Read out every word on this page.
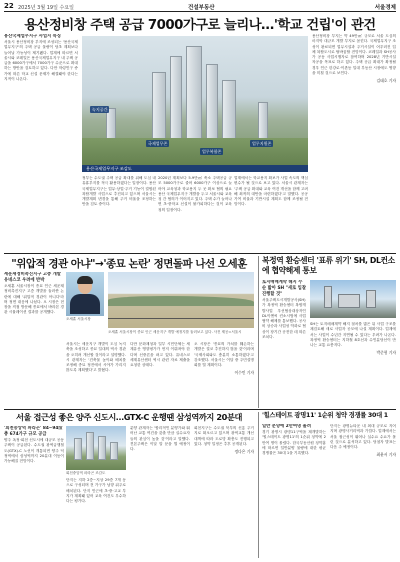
22 2025년 3월 19일 수요일	건설부동산	서울경제
용산정비창 주택 공급 7000가구로 늘리나…'학교 건립'이 관건
용산국제업무지구 사업지 특징
서울시 용산정비창 부지에 조성되는 '용산국제업무지구'의 주택 공급 물량이 당초 계획보다 늘어날 가능성이 제기됐다. 업계에 따르면 서울시와 코레일은 용산국제업무지구 내 주택 공급을 6000가구에서 7000가구 수준으로 확대하는 방안을 검토하고 있다. 다만 학령인구 증가에 따른 학교 신설 문제가 해결돼야 한다는 지적이 나온다.
녹지공간
국제업무존
업무복합존
업무지원존
용산국제업무지구 조감도
정부는 수도권 주택 공급 확대를 위해 도심 내 유휴부지를 적극 활용하겠다는 입장이다. 용산국제업무지구는 업무·상업·주거 기능이 결합된 복합개발 사업으로 추진되고 있으며 서울시는 개발계획 변경을 통해 주거 비율을 조정하는 안을 검토 중이다.
2020년 계획보다 5.9만㎡ 축소 주택공급 규모 5000가구로 줄어 6000가구 이상으로 늘어야 교육청과 학교용지 두 곳 확보 협의 필요 용산 국제업무지구 개발을 두고 서울시와 교육청 간 협의가 이어지고 있다. 주택 수가 늘어나면 초·중학교 신설이 불가피하다는 것이 교육청의 입장이다.
업계에서는 학교용지 확보가 사업 속도의 핵심 변수가 될 것으로 보고 있다. 서울시 관계자는 '주택 공급 확대와 교육 여건 개선을 함께 고려해 최적의 대안을 마련하겠다'고 말했다. 공공기여 비율과 기반시설 계획도 함께 조정될 전망이다.
용산정비창 부지는 약 49만㎡ 규모로 서울 도심의 마지막 대규모 개발 부지로 꼽힌다. 국제업무지구 조성이 완료되면 업무시설과 주거시설이 어우러진 입체 복합도시로 탈바꿈할 전망이다. 코레일과 SH공사가 공동 사업시행자로 참여하며 2028년 기반시설 착공을 목표로 하고 있다. 주택 공급 확대가 확정될 경우 인근 한강로·이촌동 일대 부동산 시장에도 영향을 미칠 것으로 보인다.
김태호 기자
"위압적 경관 아냐"→'종묘 논란' 정면돌파 나선 오세훈
세운재정비촉진지구 고층 개발 유네스코 우려에 반박
오세훈 서울시장이 종묘 인근 세운재정비촉진지구 고층 개발을 둘러싼 논란에 대해 '위압적 경관이 아니다'라며 정면 대응에 나섰다. 오 시장은 현장을 직접 방문해 종묘에서 바라본 경관 시뮬레이션 결과를 공개했다.
오세훈 서울시장
오세훈 서울시장이 종묘 인근 세운지구 개발 예정지를 둘러보고 있다. 사진 제공=서울시
서울시는 세운지구 개발이 도심 녹지축을 조성하고 종묘 일대의 역사 경관을 오히려 개선할 것이라고 설명했다. 시 관계자는 '건축물 높이와 배치를 조정해 종묘 정전에서 시야가 가리지 않도록 계획했다'고 밝혔다.
다만 문화재청과 일부 시민단체는 세계유산 영향평가가 먼저 이뤄져야 한다며 신중론을 펴고 있다. 유네스코 세계유산센터 역시 관련 자료 제출을 요청한 상태다.
오 시장은 '종묘의 가치를 훼손하는 개발은 결코 추진하지 않을 것'이라며 '국제사회와도 충분히 소통하겠다'고 강조했다. 서울시는 이달 중 주민설명회를 열 계획이다.
이수민 기자
복정역 환승센터 '표류 위기' SH, DL컨소에 협약해제 통보
토지매매계약 해지 수순 밟아 SH "새로 입찰 진행할 것"
서울주택도시개발공사(SH)가 복정역 환승센터 복합개발사업 우선협상대상자인 DL이앤씨 컨소시엄에 사업협약 해제를 통보했다. 공사비 상승과 사업성 악화로 협상이 장기간 공전한 데 따른 조치다.
SH는 토지매매계약 해지 절차를 밟은 뒤 사업 구조를 재검토해 새로 사업자 공모에 나설 계획이다. 업계에서는 사업이 수년간 지연될 수 있다는 우려가 나온다. 복정역 환승센터는 지하철 8호선과 수인분당선이 만나는 교통 요충지다.
박준형 기자
서울 접근성 좋은 양주 신도시…GTX-C 운행땐 삼성역까지 20분대
'회천중앙역 파라곤' 84~94㎡ 총 674가구 규모 공급
양주 옥정·회천 신도시에 대규모 공동주택이 공급된다. 수도권 광역급행철도(GTX)-C 노선이 개통되면 양주 덕정역에서 삼성역까지 20분대 이동이 가능해질 전망이다.
회천중앙역 파라곤 조감도
단지는 지하 2층~지상 29층 7개 동으로 구성되며 전 가구가 남향 위주로 배치된다. 단지 인근에 초·중·고교 부지가 계획돼 있어 교육 여건도 우수하다는 평가다.
분양 관계자는 '합리적인 분양가와 뛰어난 교통 여건을 갖춘 만큼 실수요자들의 관심이 높을 것'이라고 말했다. 견본주택은 이달 말 문을 열 예정이다.
회천지구는 수도권 북부의 신흥 주거지로 떠오르고 있으며 광역교통 개선대책에 따라 도로망 확충도 진행되고 있다. 청약 일정은 추후 공개된다.
정다은 기자
'힐스테이트 광명11' 1순위 청약 경쟁률 30대 1
일반 분양에 2만여명 몰려
경기 광명시 광명11구역을 재개발하는 '힐스테이트 광명11'의 1순위 청약에 2만여 명이 몰렸다. 한국부동산원 청약홈에 따르면 일반분양 물량에 대한 평균 경쟁률은 30대 1을 기록했다.
단지는 광명뉴타운 내 최대 규모로 지어지며 광명사거리역과 가깝다. 업계에서는 서울 접근성이 뛰어나 실수요 수요가 몰린 것으로 분석하고 있다. 당첨자 발표는 다음 주 예정이다.
최윤서 기자
